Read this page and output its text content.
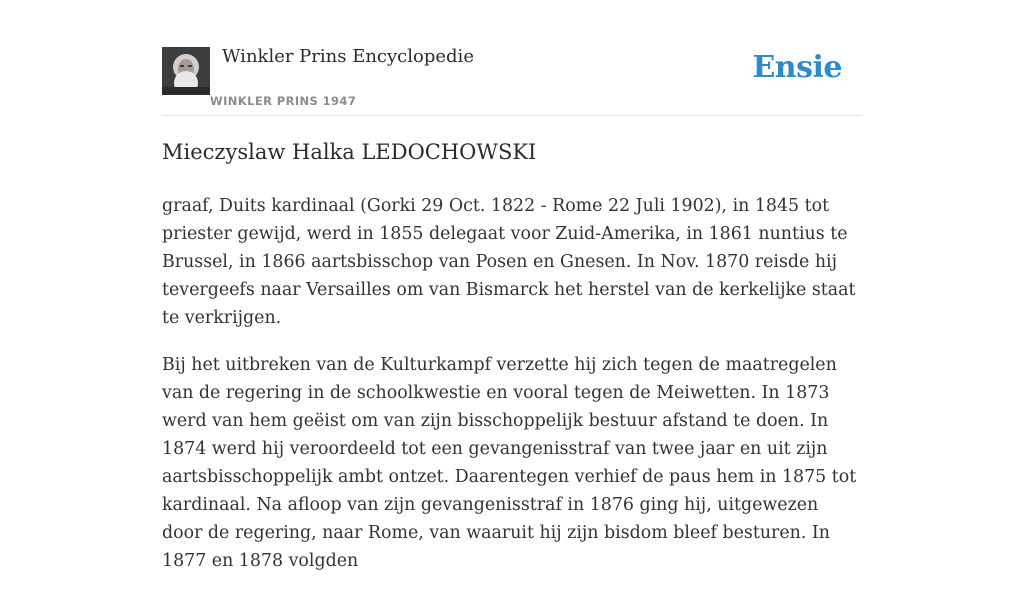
Winkler Prins Encyclopedie
WINKLER PRINS 1947
Ensie
Mieczyslaw Halka LEDOCHOWSKI

graaf, Duits kardinaal (Gorki 29 Oct. 1822 - Rome 22 Juli 1902), in 1845 tot priester gewijd, werd in 1855 delegaat voor Zuid-Amerika, in 1861 nuntius te Brussel, in 1866 aartsbisschop van Posen en Gnesen. In Nov. 1870 reisde hij tevergeefs naar Versailles om van Bismarck het herstel van de kerkelijke staat te verkrijgen.

Bij het uitbreken van de Kulturkampf verzette hij zich tegen de maatregelen van de regering in de schoolkwestie en vooral tegen de Meiwetten. In 1873 werd van hem geëist om van zijn bisschoppelijk bestuur afstand te doen. In 1874 werd hij veroordeeld tot een gevangenisstraf van twee jaar en uit zijn aartsbisschoppelijk ambt ontzet. Daarentegen verhief de paus hem in 1875 tot kardinaal. Na afloop van zijn gevangenisstraf in 1876 ging hij, uitgewezen door de regering, naar Rome, van waaruit hij zijn bisdom bleef besturen. In 1877 en 1878 volgden
